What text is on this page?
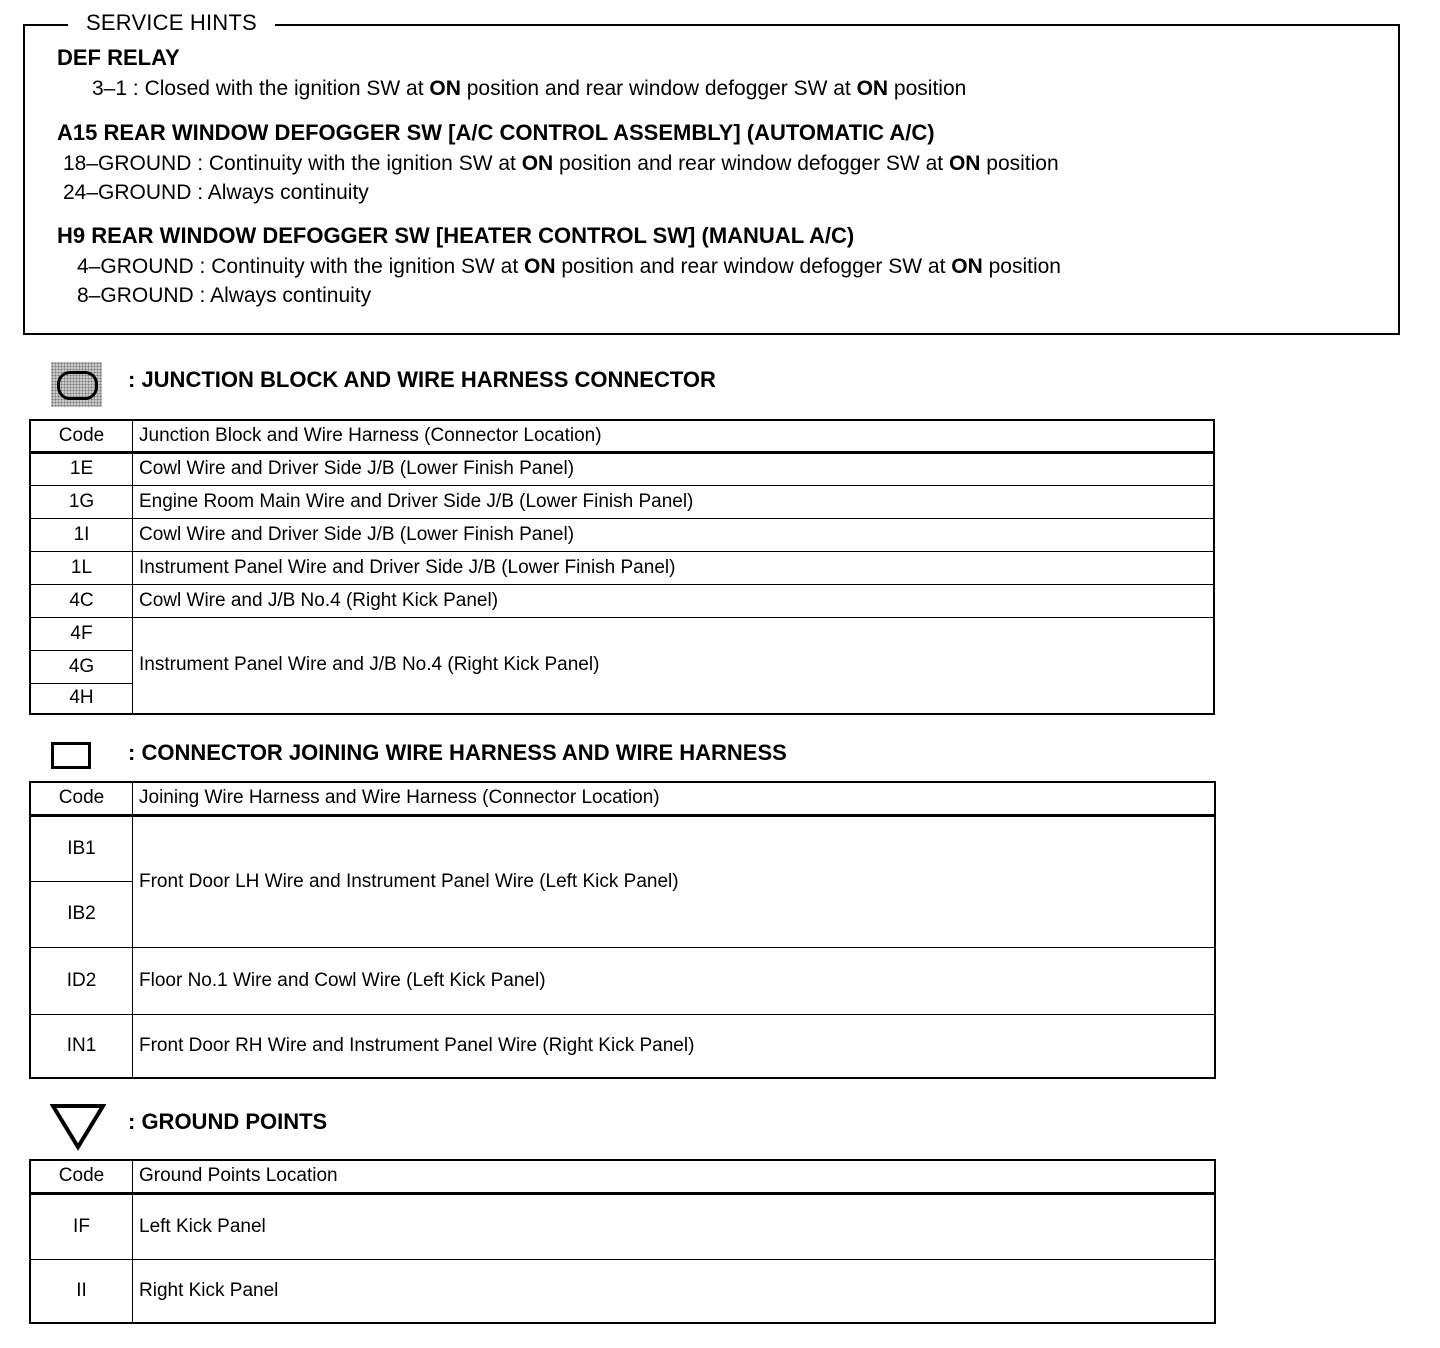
SERVICE HINTS
DEF RELAY
3–1 : Closed with the ignition SW at ON position and rear window defogger SW at ON position
A15 REAR WINDOW DEFOGGER SW [A/C CONTROL ASSEMBLY] (AUTOMATIC A/C)
18–GROUND : Continuity with the ignition SW at ON position and rear window defogger SW at ON position
24–GROUND : Always continuity
H9 REAR WINDOW DEFOGGER SW [HEATER CONTROL SW] (MANUAL A/C)
4–GROUND : Continuity with the ignition SW at ON position and rear window defogger SW at ON position
8–GROUND : Always continuity
: JUNCTION BLOCK AND WIRE HARNESS CONNECTOR
Code	Junction Block and Wire Harness (Connector Location)
1E	Cowl Wire and Driver Side J/B (Lower Finish Panel)
1G	Engine Room Main Wire and Driver Side J/B (Lower Finish Panel)
1I	Cowl Wire and Driver Side J/B (Lower Finish Panel)
1L	Instrument Panel Wire and Driver Side J/B (Lower Finish Panel)
4C	Cowl Wire and J/B No.4 (Right Kick Panel)
4F	Instrument Panel Wire and J/B No.4 (Right Kick Panel)
4G	
4H	
: CONNECTOR JOINING WIRE HARNESS AND WIRE HARNESS
Code	Joining Wire Harness and Wire Harness (Connector Location)
IB1	Front Door LH Wire and Instrument Panel Wire (Left Kick Panel)
IB2	
ID2	Floor No.1 Wire and Cowl Wire (Left Kick Panel)
IN1	Front Door RH Wire and Instrument Panel Wire (Right Kick Panel)
: GROUND POINTS
Code	Ground Points Location
IF	Left Kick Panel
II	Right Kick Panel
